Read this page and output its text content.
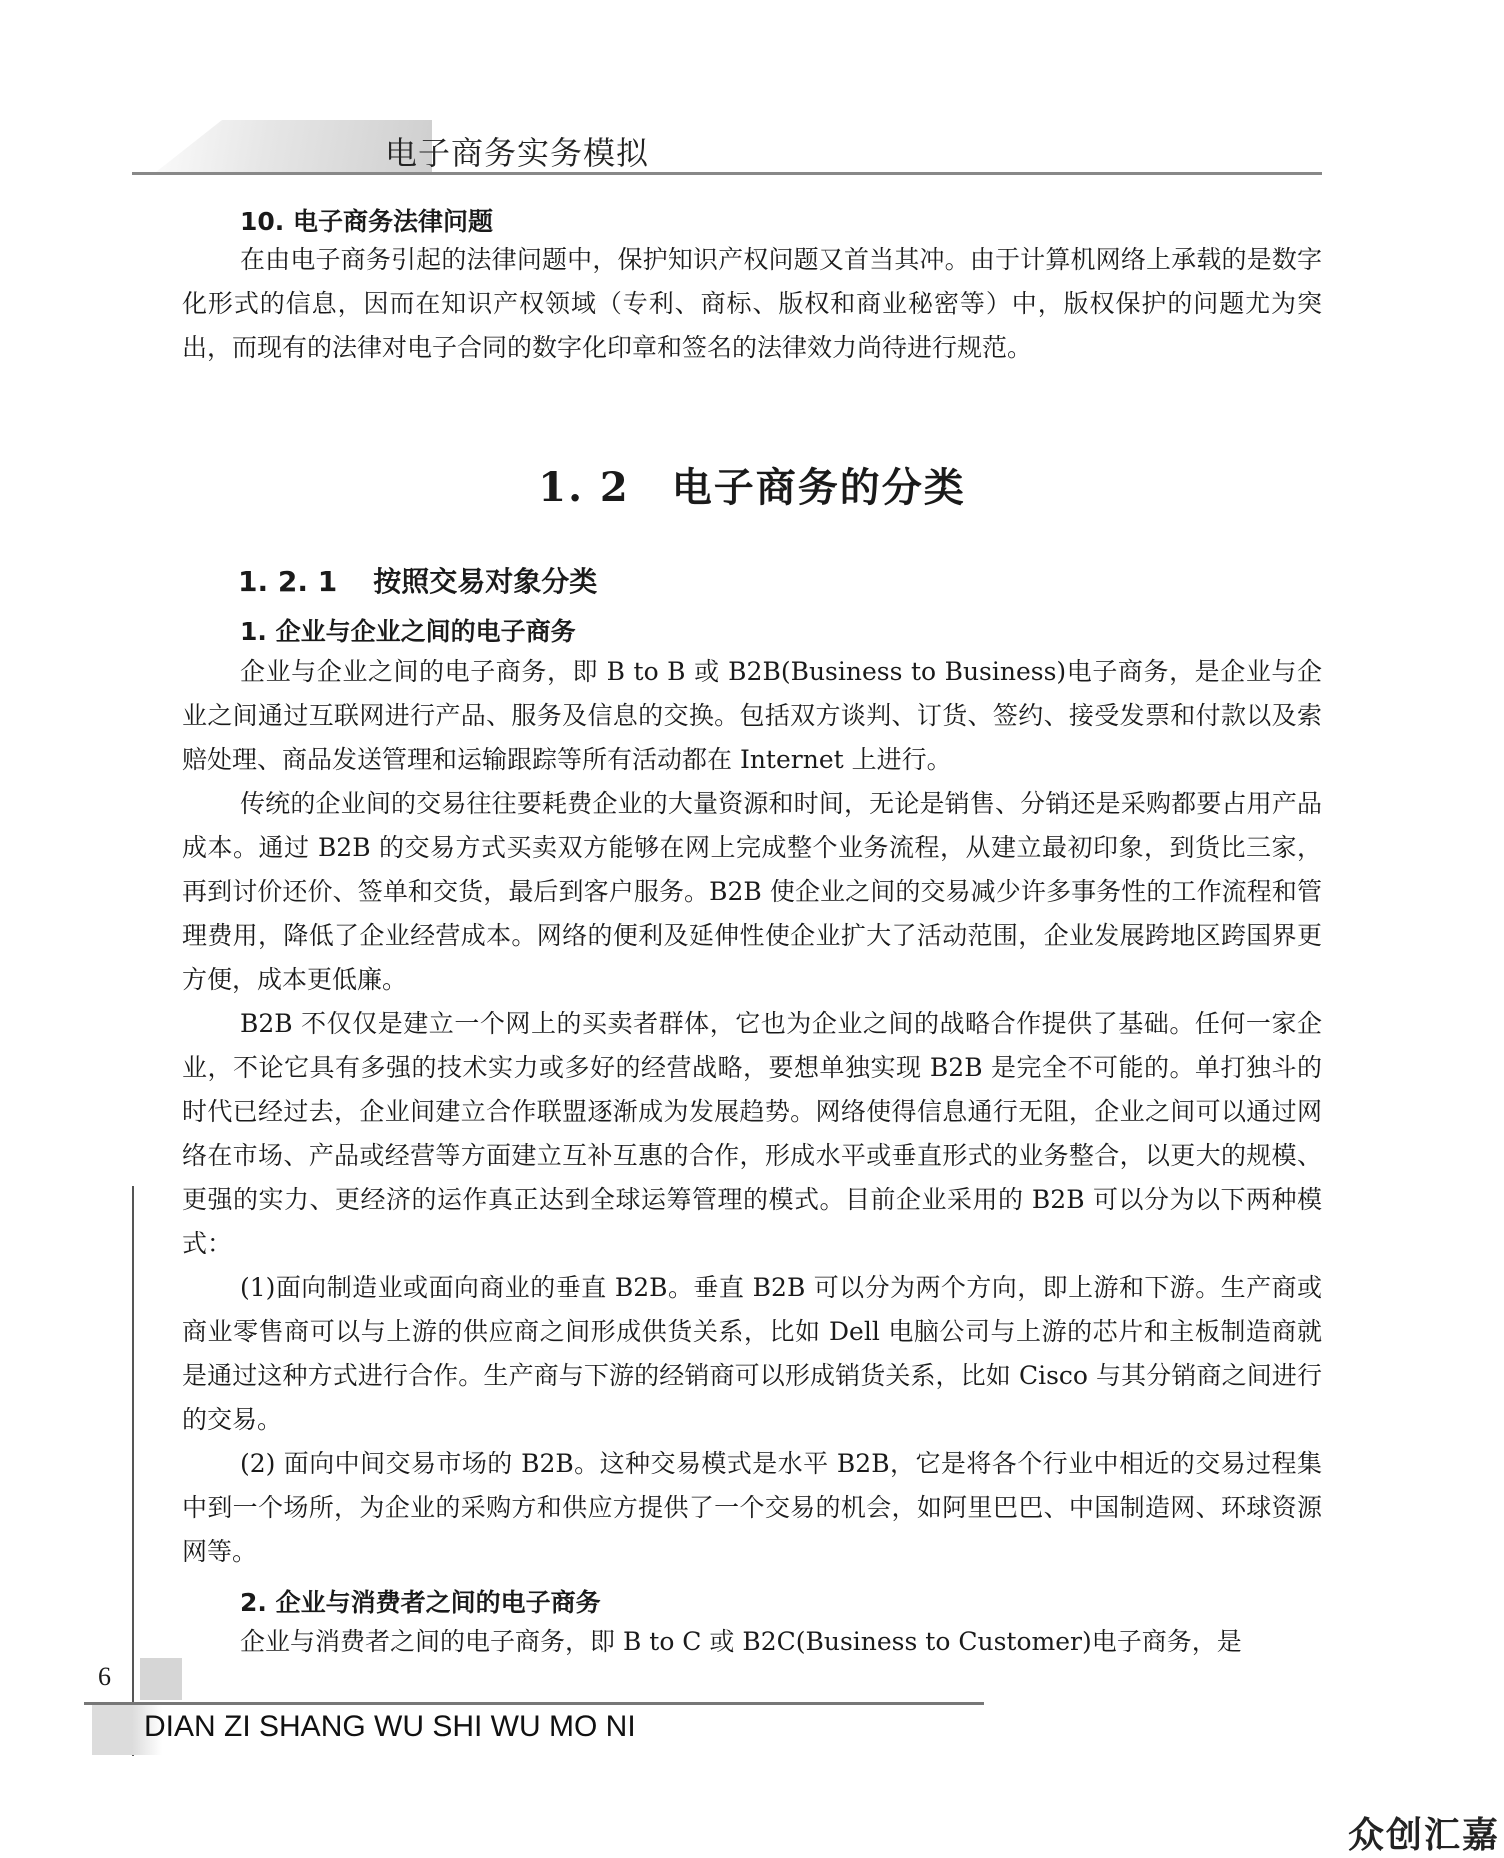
电子商务实务模拟
10. 电子商务法律问题

在由电子商务引起的法律问题中，保护知识产权问题又首当其冲。由于计算机网络上承载的是数字化形式的信息，因而在知识产权领域（专利、商标、版权和商业秘密等）中，版权保护的问题尤为突出，而现有的法律对电子合同的数字化印章和签名的法律效力尚待进行规范。

1. 2　电子商务的分类
1. 2. 1 按照交易对象分类
1. 企业与企业之间的电子商务

企业与企业之间的电子商务，即 B to B 或 B2B(Business to Business)电子商务，是企业与企业之间通过互联网进行产品、服务及信息的交换。包括双方谈判、订货、签约、接受发票和付款以及索赔处理、商品发送管理和运输跟踪等所有活动都在 Internet 上进行。

传统的企业间的交易往往要耗费企业的大量资源和时间，无论是销售、分销还是采购都要占用产品成本。通过 B2B 的交易方式买卖双方能够在网上完成整个业务流程，从建立最初印象，到货比三家，再到讨价还价、签单和交货，最后到客户服务。B2B 使企业之间的交易减少许多事务性的工作流程和管理费用，降低了企业经营成本。网络的便利及延伸性使企业扩大了活动范围，企业发展跨地区跨国界更方便，成本更低廉。

B2B 不仅仅是建立一个网上的买卖者群体，它也为企业之间的战略合作提供了基础。任何一家企业，不论它具有多强的技术实力或多好的经营战略，要想单独实现 B2B 是完全不可能的。单打独斗的时代已经过去，企业间建立合作联盟逐渐成为发展趋势。网络使得信息通行无阻，企业之间可以通过网络在市场、产品或经营等方面建立互补互惠的合作，形成水平或垂直形式的业务整合，以更大的规模、更强的实力、更经济的运作真正达到全球运筹管理的模式。目前企业采用的 B2B 可以分为以下两种模式：

(1)面向制造业或面向商业的垂直 B2B。垂直 B2B 可以分为两个方向，即上游和下游。生产商或商业零售商可以与上游的供应商之间形成供货关系，比如 Dell 电脑公司与上游的芯片和主板制造商就是通过这种方式进行合作。生产商与下游的经销商可以形成销货关系，比如 Cisco 与其分销商之间进行的交易。

(2) 面向中间交易市场的 B2B。这种交易模式是水平 B2B，它是将各个行业中相近的交易过程集中到一个场所，为企业的采购方和供应方提供了一个交易的机会，如阿里巴巴、中国制造网、环球资源网等。

2. 企业与消费者之间的电子商务

企业与消费者之间的电子商务，即 B to C 或 B2C(Business to Customer)电子商务，是

6
DIAN ZI SHANG WU SHI WU MO NI
众创汇嘉
